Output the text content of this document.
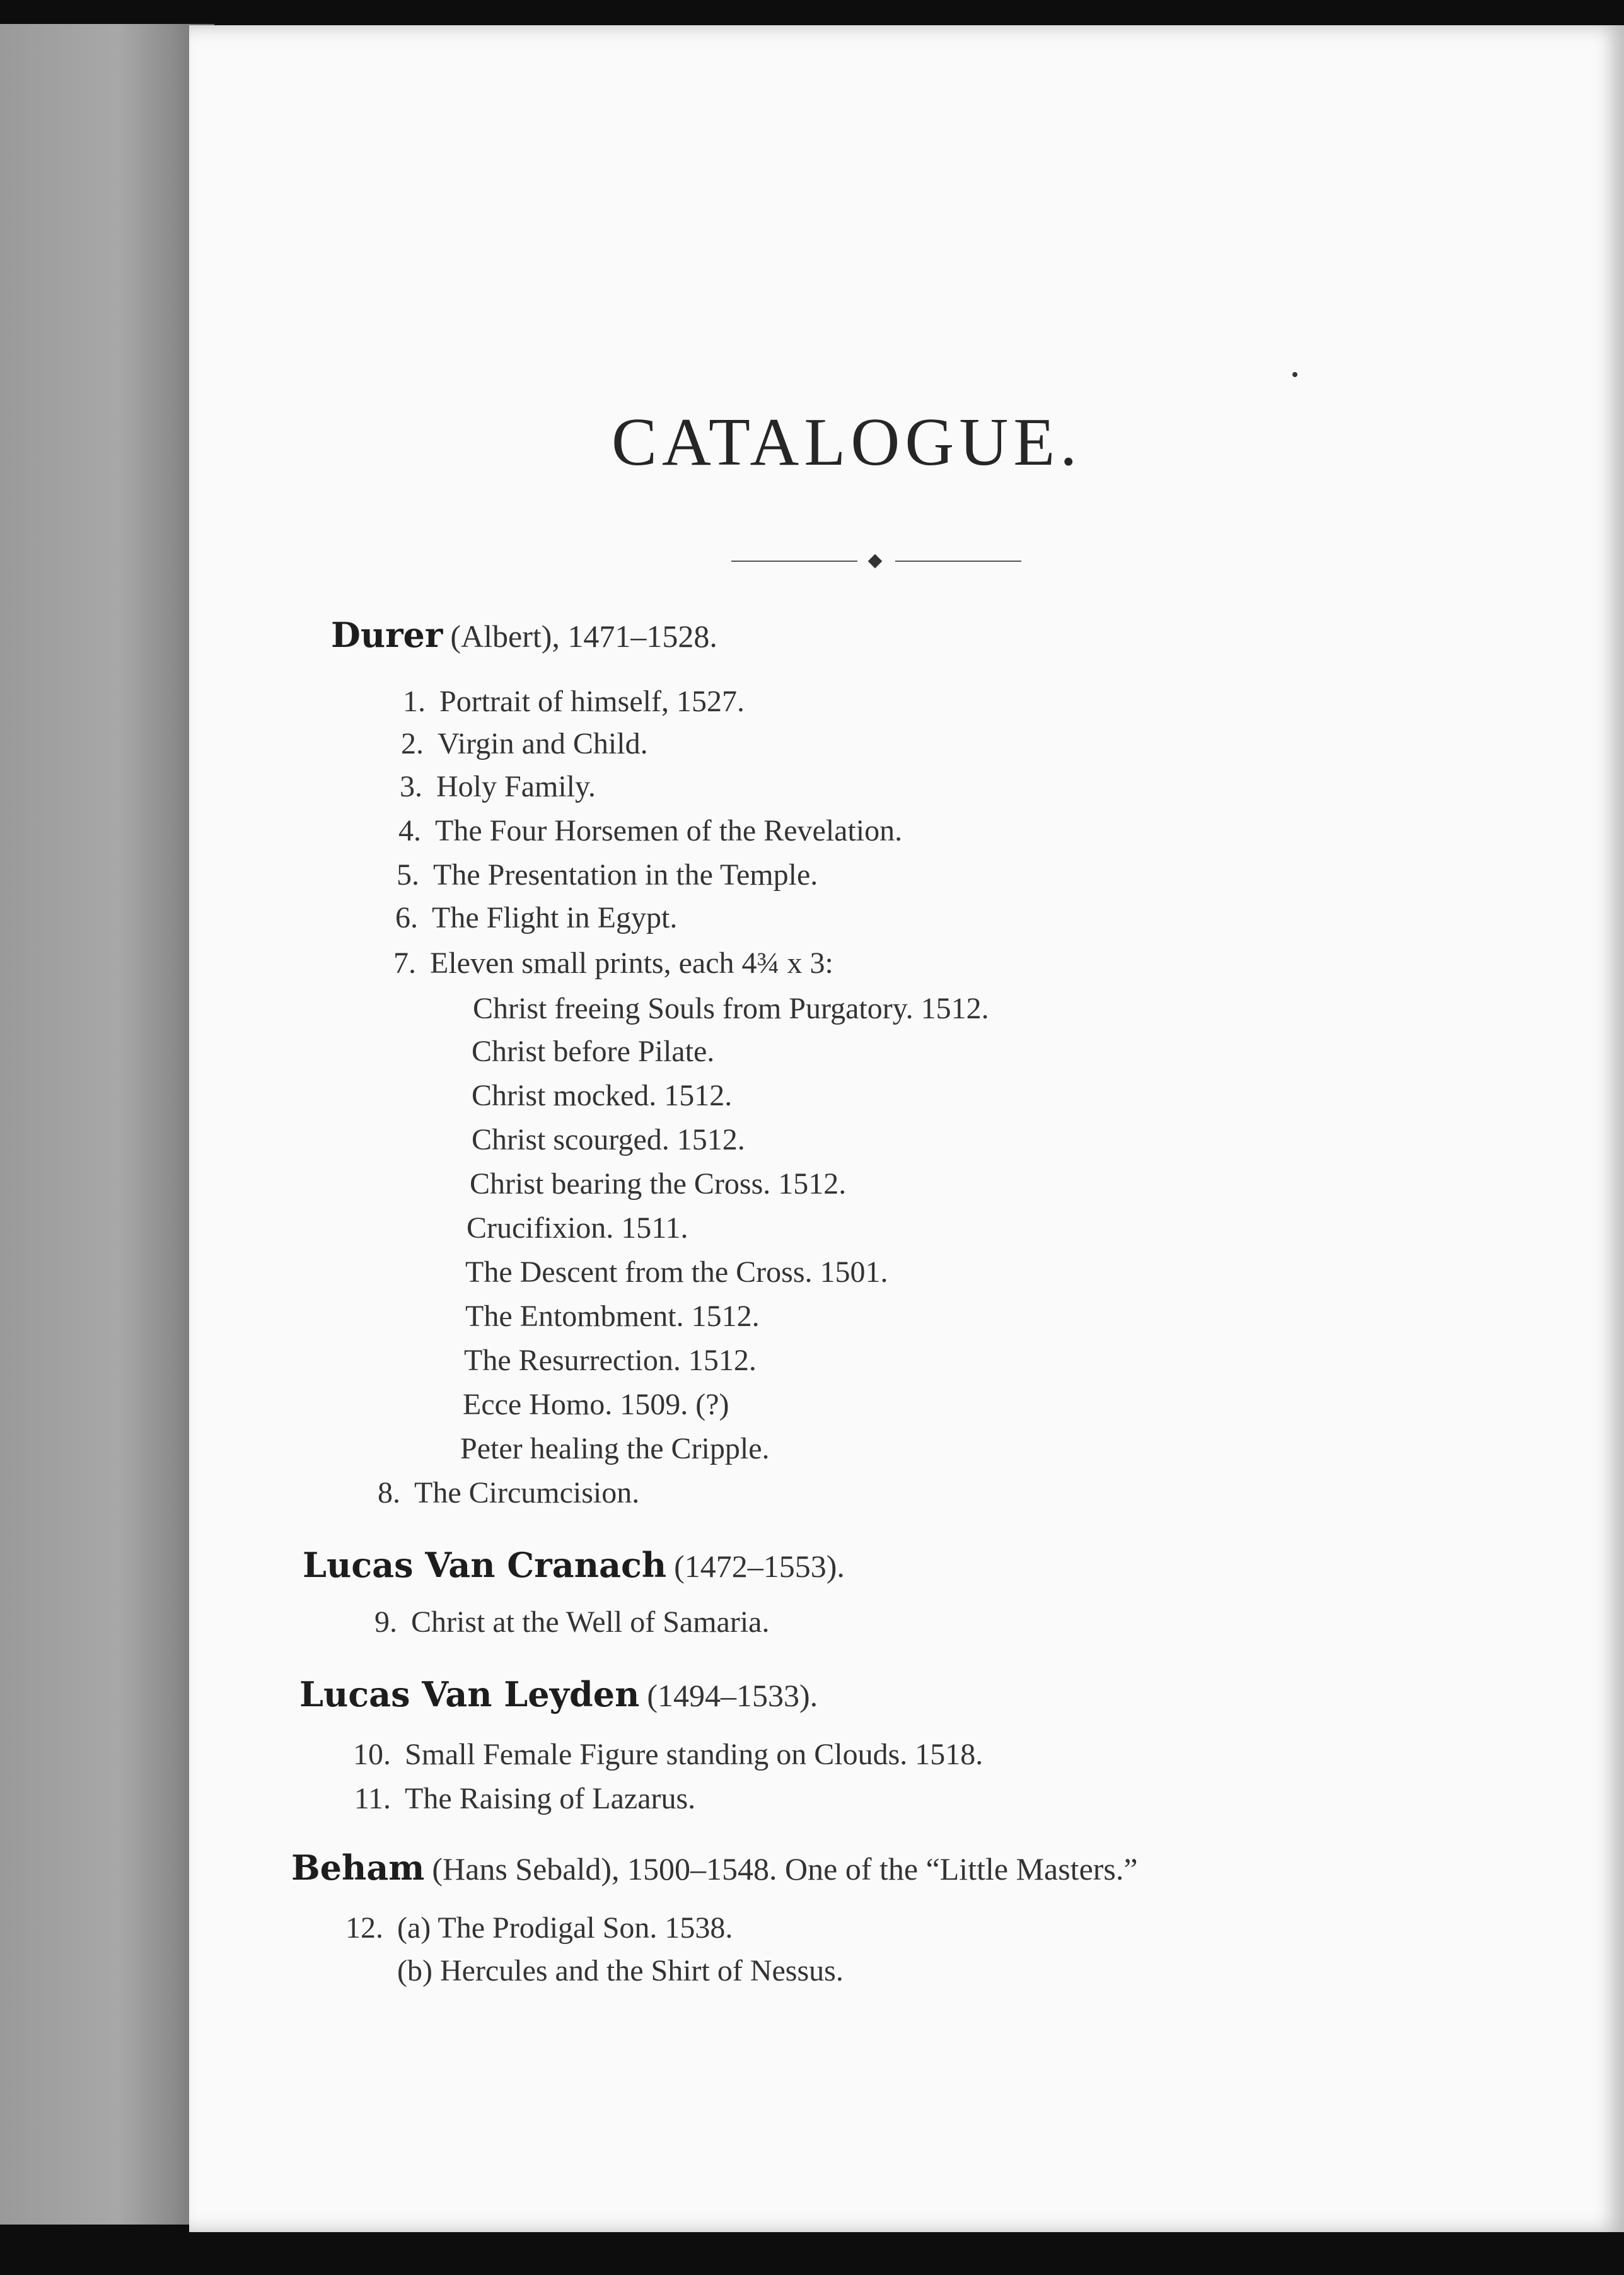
CATALOGUE.
Durer (Albert), 1471–1528.
1. Portrait of himself, 1527.
2. Virgin and Child.
3. Holy Family.
4. The Four Horsemen of the Revelation.
5. The Presentation in the Temple.
6. The Flight in Egypt.
7. Eleven small prints, each 4¾ x 3:
Christ freeing Souls from Purgatory. 1512.
Christ before Pilate.
Christ mocked. 1512.
Christ scourged. 1512.
Christ bearing the Cross. 1512.
Crucifixion. 1511.
The Descent from the Cross. 1501.
The Entombment. 1512.
The Resurrection. 1512.
Ecce Homo. 1509. (?)
Peter healing the Cripple.
8. The Circumcision.
Lucas Van Cranach (1472–1553).
9. Christ at the Well of Samaria.
Lucas Van Leyden (1494–1533).
10. Small Female Figure standing on Clouds. 1518.
11. The Raising of Lazarus.
Beham (Hans Sebald), 1500–1548. One of the “Little Masters.”
12. (a) The Prodigal Son. 1538.
(b) Hercules and the Shirt of Nessus.
